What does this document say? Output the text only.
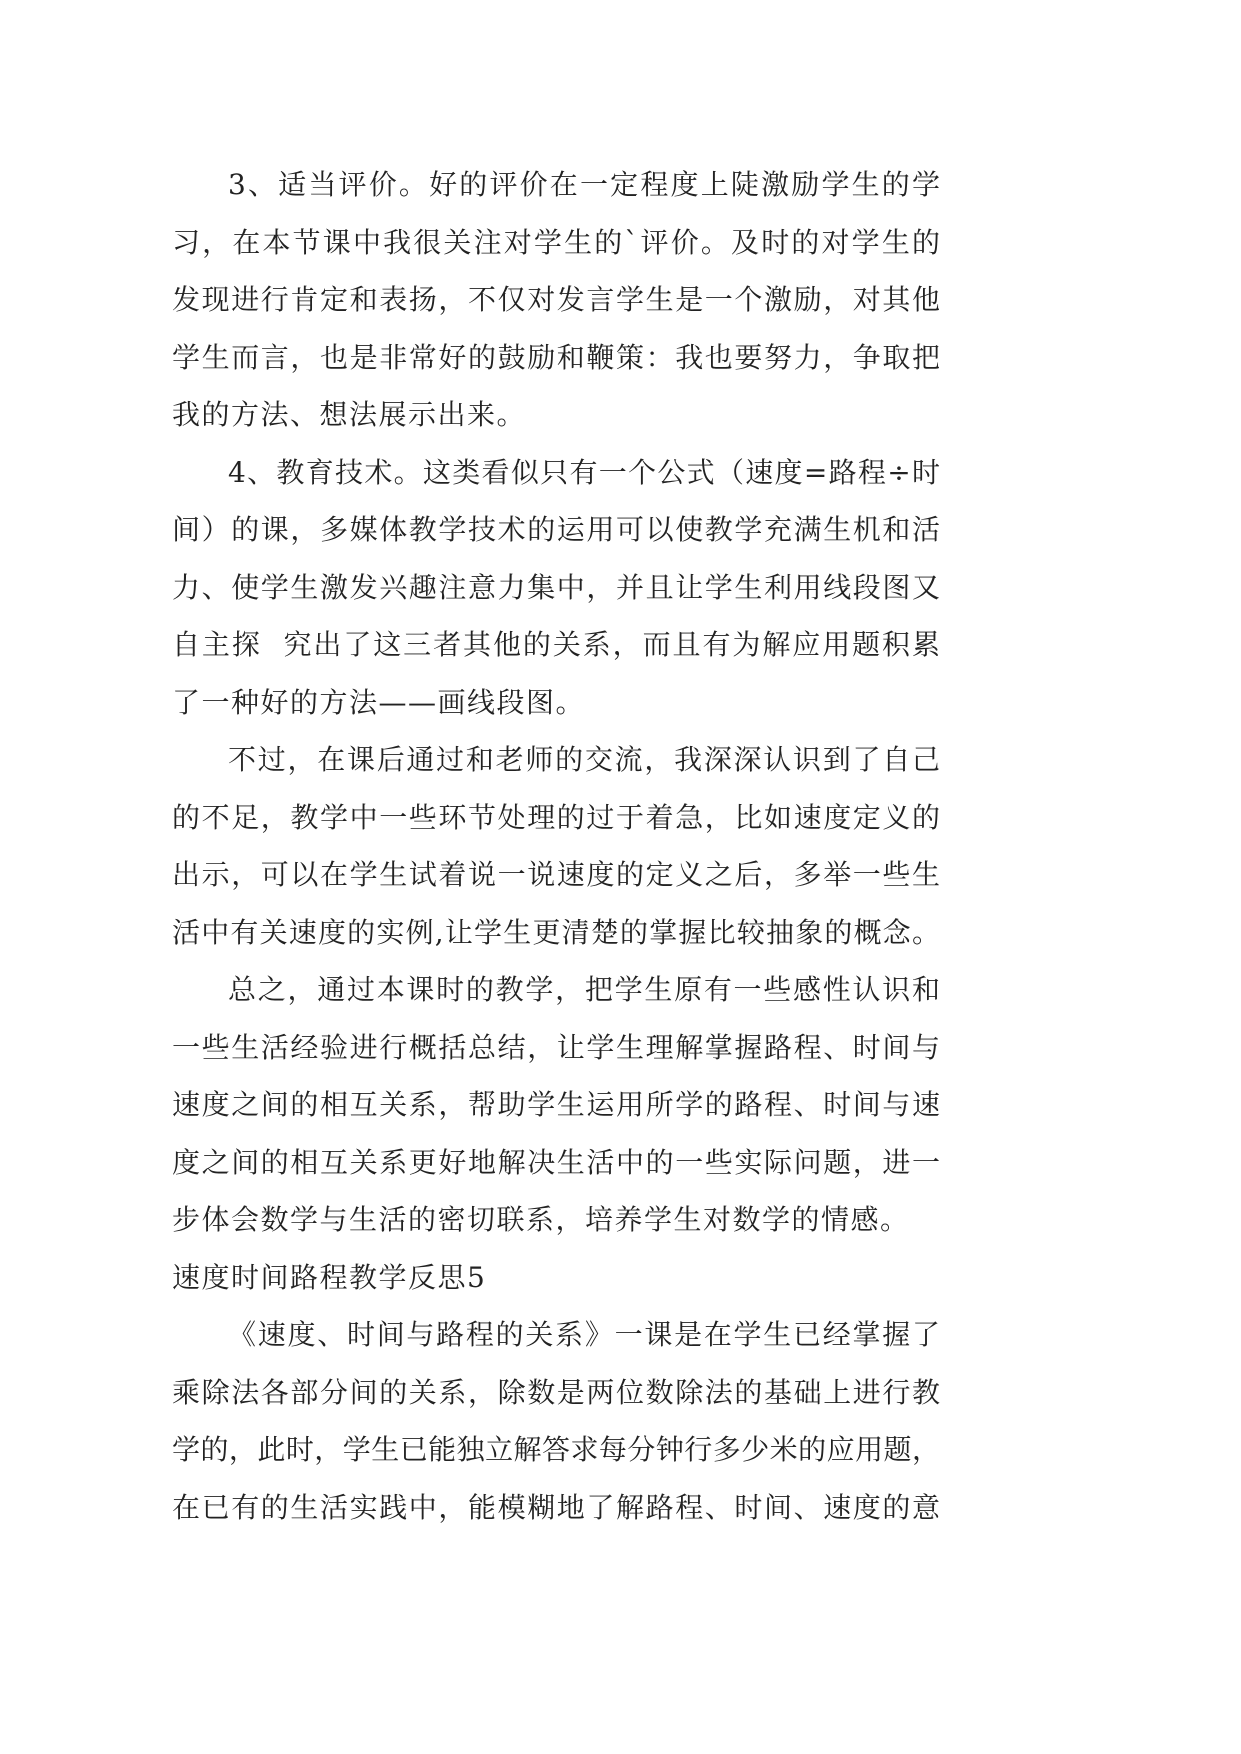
3、适当评价。好的评价在一定程度上陡激励学生的学
习，在本节课中我很关注对学生的`评价。及时的对学生的
发现进行肯定和表扬，不仅对发言学生是一个激励，对其他
学生而言，也是非常好的鼓励和鞭策：我也要努力，争取把
我的方法、想法展示出来。
4、教育技术。这类看似只有一个公式（速度=路程÷时
间）的课，多媒体教学技术的运用可以使教学充满生机和活
力、使学生激发兴趣注意力集中，并且让学生利用线段图又
自主探  究出了这三者其他的关系，而且有为解应用题积累
了一种好的方法——画线段图。
不过，在课后通过和老师的交流，我深深认识到了自己
的不足，教学中一些环节处理的过于着急，比如速度定义的
出示，可以在学生试着说一说速度的定义之后，多举一些生
活中有关速度的实例,让学生更清楚的掌握比较抽象的概念。
总之，通过本课时的教学，把学生原有一些感性认识和
一些生活经验进行概括总结，让学生理解掌握路程、时间与
速度之间的相互关系，帮助学生运用所学的路程、时间与速
度之间的相互关系更好地解决生活中的一些实际问题，进一
步体会数学与生活的密切联系，培养学生对数学的情感。
速度时间路程教学反思5
《速度、时间与路程的关系》一课是在学生已经掌握了
乘除法各部分间的关系，除数是两位数除法的基础上进行教
学的，此时，学生已能独立解答求每分钟行多少米的应用题，
在已有的生活实践中，能模糊地了解路程、时间、速度的意
